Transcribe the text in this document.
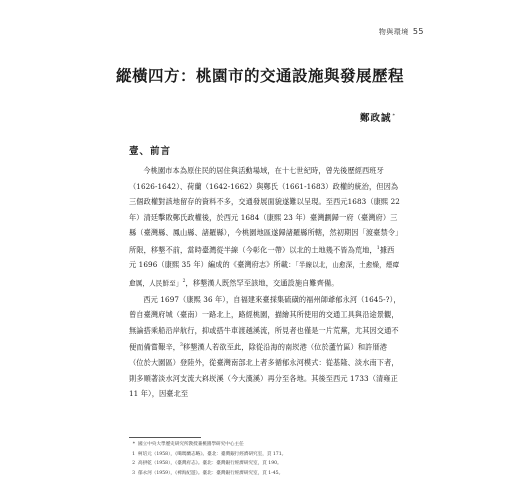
物與環境 55
縱橫四方：桃園市的交通設施與發展歷程
鄭政誠*
壹、前言

今桃園市本為原住民的居住與活動場域，在十七世紀時，曾先後歷經西班牙（1626-1642）、荷蘭（1642-1662）與鄭氏（1661-1683）政權的統治，但因為三個政權對該地留存的資料不多，交通發展面貌遂難以呈現。至西元1683（康熙 22 年）清廷擊敗鄭氏政權後，於西元 1684（康熙 23 年）臺灣劃歸一府（臺灣府）三縣（臺灣縣、鳳山縣、諸羅縣），今桃園地區遂歸諸羅縣所轄，然初期因「渡臺禁令」所限，移墾不前，當時臺灣從半線（今彰化一帶）以北的土地幾不皆為荒地，$^1$據西元 1696（康熙 35 年）編成的《臺灣府志》所載：「半線以北，山愈深，土愈燥，煙瘴愈厲，人民鮮至」$^2$，移墾漢人既然罕至該地，交通設施自難齊備。

西元 1697（康熙 36 年），自福建來臺採集硫磺的福州師爺郁永河（1645-?），曾自臺灣府城（臺南）一路北上，路經桃園，描繪其所使用的交通工具與沿途景觀，無論搭乘船沿岸航行，抑或搭牛車渡越溪流，所見者也僅是一片荒蕪，尤其因交通不便而備嘗艱辛，$^3$移墾漢人若欲至此，除從沿海的南崁港（位於蘆竹區）和許厝港（位於大園區）登陸外，從臺灣南部北上者多循郁永河模式：從基隆、淡水南下者，則多順著淡水河支流大嵙崁溪（今大漢溪）再分至各地。其後至西元 1733（清雍正 11 年），因臺北至

* 國立中央大學歷史研究所教授兼桃園學研究中心主任
1 柯培元（1958），《噶瑪蘭志略》。臺北：臺灣銀行經濟研究室，頁 171。
2 高拱乾（1958），《臺灣府志》。臺北：臺灣銀行經濟研究室，頁 190。
3 郁永河（1959），《裨海紀遊》。臺北：臺灣銀行經濟研究室，頁 1-45。
